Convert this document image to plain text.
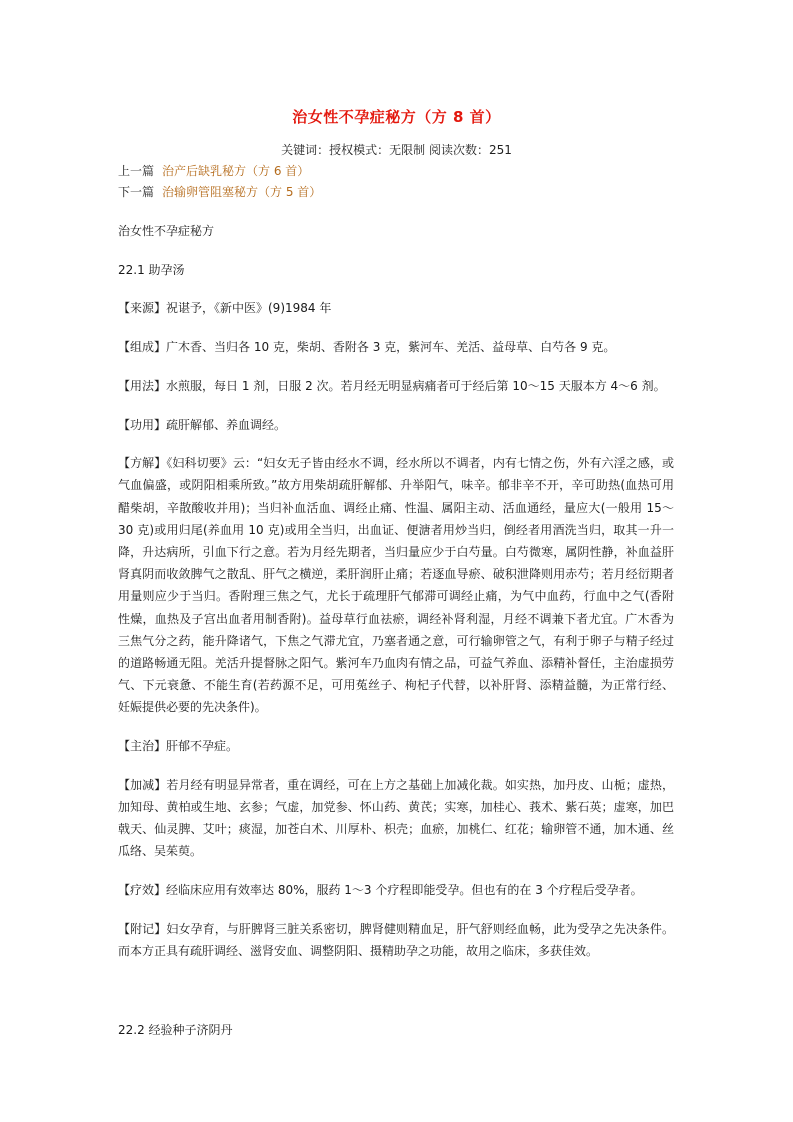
治女性不孕症秘方（方 8 首）
关键词：授权模式：无限制 阅读次数：251
上一篇 治产后缺乳秘方（方 6 首）
下一篇 治输卵管阻塞秘方（方 5 首）

治女性不孕症秘方

22.1 助孕汤

【来源】祝谌予，《新中医》(9)1984 年

【组成】广木香、当归各 10 克，柴胡、香附各 3 克，紫河车、羌活、益母草、白芍各 9 克。

【用法】水煎服，每日 1 剂，日服 2 次。若月经无明显病痛者可于经后第 10～15 天服本方 4～6 剂。

【功用】疏肝解郁、养血调经。

【方解】《妇科切要》云：“妇女无子皆由经水不调，经水所以不调者，内有七情之伤，外有六淫之感，或气血偏盛，或阴阳相乘所致。”故方用柴胡疏肝解郁、升举阳气，味辛。郁非辛不开，辛可助热(血热可用醋柴胡，辛散酸收并用)；当归补血活血、调经止痛、性温、属阳主动、活血通经，量应大(一般用 15～30 克)或用归尾(养血用 10 克)或用全当归，出血证、便溏者用炒当归，倒经者用酒洗当归，取其一升一降，升达病所，引血下行之意。若为月经先期者，当归量应少于白芍量。白芍微寒，属阴性静，补血益肝肾真阴而收敛脾气之散乱、肝气之横逆，柔肝润肝止痛；若逐血导瘀、破积泄降则用赤芍；若月经衍期者用量则应少于当归。香附理三焦之气，尤长于疏理肝气郁滞可调经止痛，为气中血药，行血中之气(香附性燥，血热及子宫出血者用制香附)。益母草行血祛瘀，调经补肾利湿，月经不调兼下者尤宜。广木香为三焦气分之药，能升降诸气，下焦之气滞尤宜，乃塞者通之意，可行输卵管之气，有利于卵子与精子经过的道路畅通无阻。羌活升提督脉之阳气。紫河车乃血肉有情之品，可益气养血、添精补督任，主治虚损劳气、下元衰惫、不能生育(若药源不足，可用菟丝子、枸杞子代替，以补肝肾、添精益髓，为正常行经、妊娠提供必要的先决条件)。

【主治】肝郁不孕症。

【加减】若月经有明显异常者，重在调经，可在上方之基础上加减化裁。如实热，加丹皮、山栀；虚热，加知母、黄柏或生地、玄参；气虚，加党参、怀山药、黄芪；实寒，加桂心、莪术、紫石英；虚寒，加巴戟天、仙灵脾、艾叶；痰湿，加苍白术、川厚朴、枳壳；血瘀，加桃仁、红花；输卵管不通，加木通、丝瓜络、吴茱萸。

【疗效】经临床应用有效率达 80%，服药 1～3 个疗程即能受孕。但也有的在 3 个疗程后受孕者。

【附记】妇女孕育，与肝脾肾三脏关系密切，脾肾健则精血足，肝气舒则经血畅，此为受孕之先决条件。而本方正具有疏肝调经、滋肾安血、调整阴阳、摄精助孕之功能，故用之临床，多获佳效。

22.2 经验种子济阴丹
